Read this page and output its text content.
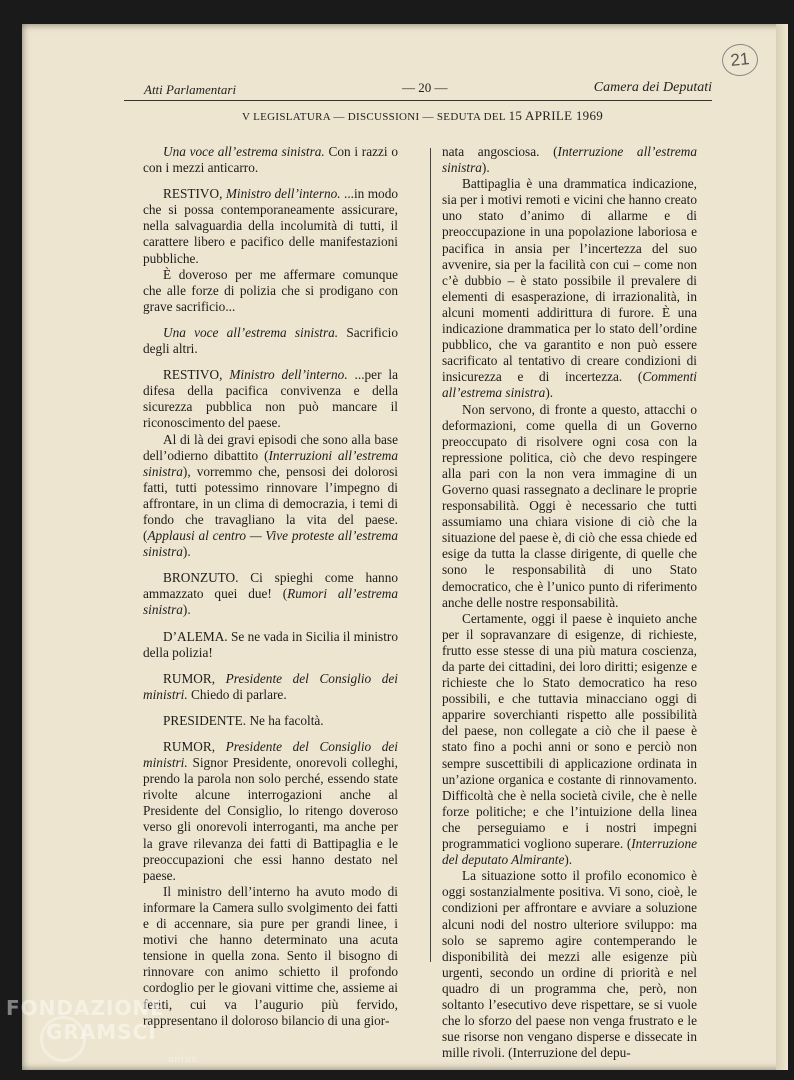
21
Atti Parlamentari	— 20 —	Camera dei Deputati
V LEGISLATURA — DISCUSSIONI — SEDUTA DEL 15 APRILE 1969

Una voce all’estrema sinistra. Con i razzi o con i mezzi anticarro.

RESTIVO, Ministro dell’interno. ...in modo che si possa contemporaneamente assicurare, nella salvaguardia della incolumità di tutti, il carattere libero e pacifico delle manifestazioni pubbliche.

È doveroso per me affermare comunque che alle forze di polizia che si prodigano con grave sacrificio...

Una voce all’estrema sinistra. Sacrificio degli altri.

RESTIVO, Ministro dell’interno. ...per la difesa della pacifica convivenza e della sicurezza pubblica non può mancare il riconoscimento del paese.

Al di là dei gravi episodi che sono alla base dell’odierno dibattito (Interruzioni all’estrema sinistra), vorremmo che, pensosi dei dolorosi fatti, tutti potessimo rinnovare l’impegno di affrontare, in un clima di democrazia, i temi di fondo che travagliano la vita del paese. (Applausi al centro — Vive proteste all’estrema sinistra).

BRONZUTO. Ci spieghi come hanno ammazzato quei due! (Rumori all’estrema sinistra).

D’ALEMA. Se ne vada in Sicilia il ministro della polizia!

RUMOR, Presidente del Consiglio dei ministri. Chiedo di parlare.

PRESIDENTE. Ne ha facoltà.

RUMOR, Presidente del Consiglio dei ministri. Signor Presidente, onorevoli colleghi, prendo la parola non solo perché, essendo state rivolte alcune interrogazioni anche al Presidente del Consiglio, lo ritengo doveroso verso gli onorevoli interroganti, ma anche per la grave rilevanza dei fatti di Battipaglia e le preoccupazioni che essi hanno destato nel paese.

Il ministro dell’interno ha avuto modo di informare la Camera sullo svolgimento dei fatti e di accennare, sia pure per grandi linee, i motivi che hanno determinato una acuta tensione in quella zona. Sento il bisogno di rinnovare con animo schietto il profondo cordoglio per le giovani vittime che, assieme ai feriti, cui va l’augurio più fervido, rappresentano il doloroso bilancio di una gior-

nata angosciosa. (Interruzione all’estrema sinistra).

Battipaglia è una drammatica indicazione, sia per i motivi remoti e vicini che hanno creato uno stato d’animo di allarme e di preoccupazione in una popolazione laboriosa e pacifica in ansia per l’incertezza del suo avvenire, sia per la facilità con cui – come non c’è dubbio – è stato possibile il prevalere di elementi di esasperazione, di irrazionalità, in alcuni momenti addirittura di furore. È una indicazione drammatica per lo stato dell’ordine pubblico, che va garantito e non può essere sacrificato al tentativo di creare condizioni di insicurezza e di incertezza. (Commenti all’estrema sinistra).

Non servono, di fronte a questo, attacchi o deformazioni, come quella di un Governo preoccupato di risolvere ogni cosa con la repressione politica, ciò che devo respingere alla pari con la non vera immagine di un Governo quasi rassegnato a declinare le proprie responsabilità. Oggi è necessario che tutti assumiamo una chiara visione di ciò che la situazione del paese è, di ciò che essa chiede ed esige da tutta la classe dirigente, di quelle che sono le responsabilità di uno Stato democratico, che è l’unico punto di riferimento anche delle nostre responsabilità.

Certamente, oggi il paese è inquieto anche per il sopravanzare di esigenze, di richieste, frutto esse stesse di una più matura coscienza, da parte dei cittadini, dei loro diritti; esigenze e richieste che lo Stato democratico ha reso possibili, e che tuttavia minacciano oggi di apparire soverchianti rispetto alle possibilità del paese, non collegate a ciò che il paese è stato fino a pochi anni or sono e perciò non sempre suscettibili di applicazione ordinata in un’azione organica e costante di rinnovamento. Difficoltà che è nella società civile, che è nelle forze politiche; e che l’intuizione della linea che perseguiamo e i nostri impegni programmatici vogliono superare. (Interruzione del deputato Almirante).

La situazione sotto il profilo economico è oggi sostanzialmente positiva. Vi sono, cioè, le condizioni per affrontare e avviare a soluzione alcuni nodi del nostro ulteriore sviluppo: ma solo se sapremo agire contemperando le disponibilità dei mezzi alle esigenze più urgenti, secondo un ordine di priorità e nel quadro di un programma che, però, non soltanto l’esecutivo deve rispettare, se si vuole che lo sforzo del paese non venga frustrato e le sue risorse non vengano disperse e dissecate in mille rivoli. (Interruzione del depu-

FONDAZIONE
GRAMSCI
onlus
